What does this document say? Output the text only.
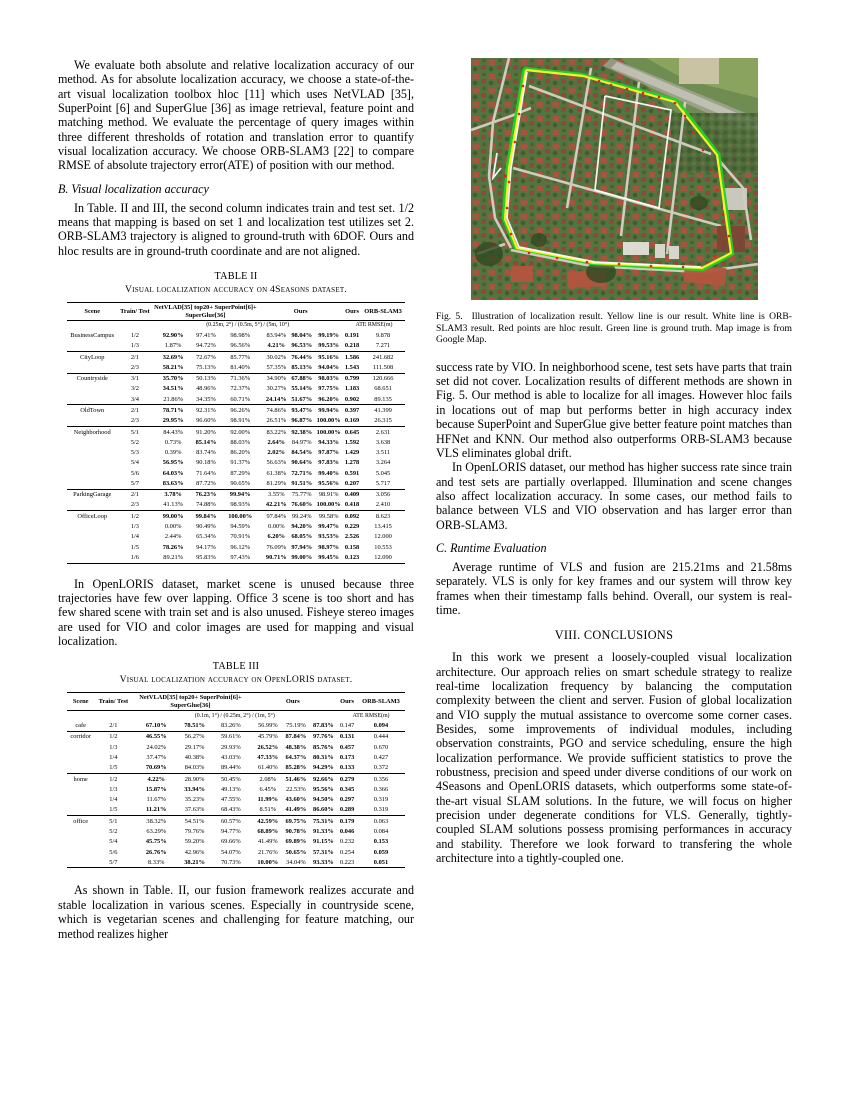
We evaluate both absolute and relative localization accuracy of our method. As for absolute localization accuracy, we choose a state-of-the-art visual localization toolbox hloc [11] which uses NetVLAD [35], SuperPoint [6] and SuperGlue [36] as image retrieval, feature point and matching method. We evaluate the percentage of query images within three different thresholds of rotation and translation error to quantify visual localization accuracy. We choose ORB-SLAM3 [22] to compare RMSE of absolute trajectory error(ATE) of position with our method.

B. Visual localization accuracy

In Table. II and III, the second column indicates train and test set. 1/2 means that mapping is based on set 1 and localization test utilizes set 2. ORB-SLAM3 trajectory is aligned to ground-truth with 6DOF. Ours and hloc results are in ground-truth coordinate and are not aligned.

TABLE II
Visual localization accuracy on 4Seasons dataset.
Scene	Train/ Test	NetVLAD[35] top20+ SuperPoint[6]+ SuperGlue[36]			Ours			Ours	ORB-SLAM3

		(0.25m, 2°) / (0.5m, 5°) / (5m, 10°)						ATE RMSE(m)	
BusinessCampus	1/2	92.90%	97.41%	98.98%	83.94%	98.04%	99.19%	0.191	9.878
	1/3	1.87%	94.72%	96.56%	4.21%	96.53%	99.53%	0.218	7.271
CityLoop	2/1	32.69%	72.67%	85.77%	30.02%	76.44%	95.16%	1.586	241.682
	2/3	58.21%	75.13%	81.40%	57.35%	85.13%	94.04%	1.543	111.508
Countryside	3/1	35.70%	50.13%	71.36%	34.90%	67.88%	98.03%	0.799	120.666
	3/2	34.51%	48.96%	72.37%	30.27%	55.14%	97.75%	1.183	68.651
	3/4	21.86%	34.35%	60.71%	24.14%	51.67%	96.20%	0.902	89.135
OldTown	2/1	78.71%	92.31%	96.26%	74.86%	93.47%	99.94%	0.397	41.399
	2/3	29.95%	96.60%	98.91%	26.51%	96.87%	100.00%	0.169	26.315
Neighborhood	5/1	84.43%	91.20%	92.00%	83.22%	92.38%	100.00%	0.645	2.631
	5/2	0.73%	85.14%	88.03%	2.64%	84.97%	94.33%	1.592	3.638
	5/3	0.39%	83.74%	86.20%	2.02%	84.54%	97.87%	1.429	3.511
	5/4	56.95%	90.18%	91.37%	56.63%	90.64%	97.83%	1.278	3.264
	5/6	64.03%	71.64%	87.29%	61.38%	72.71%	99.40%	0.591	5.045
	5/7	83.63%	87.72%	90.65%	81.29%	91.51%	95.56%	0.207	5.717
ParkingGarage	2/1	3.78%	76.23%	99.94%	3.55%	75.77%	98.91%	0.409	3.056
	2/3	41.13%	74.88%	98.93%	42.21%	76.60%	100.00%	0.418	2.410
OfficeLoop	1/2	99.00%	99.84%	100.00%	97.84%	99.24%	99.58%	0.092	8.623
	1/3	0.00%	90.49%	94.59%	0.00%	94.20%	99.47%	0.229	13.415
	1/4	2.44%	65.34%	70.91%	6.20%	68.05%	93.53%	2.526	12.000
	1/5	78.26%	94.17%	96.12%	76.09%	97.94%	98.97%	0.158	10.553
	1/6	89.21%	95.83%	97.43%	90.71%	99.00%	99.45%	0.123	12.090

In OpenLORIS dataset, market scene is unused because three trajectories have few over lapping. Office 3 scene is too short and has few shared scene with train set and is also unused. Fisheye stereo images are used for VIO and color images are used for mapping and visual localization.

TABLE III
Visual localization accuracy on OpenLORIS dataset.
Scene	Train/ Test	NetVLAD[35] top20+ SuperPoint[6]+ SuperGlue[36]			Ours			Ours	ORB-SLAM3

		(0.1m, 1°) / (0.25m, 2°) / (1m, 5°)						ATE RMSE(m)	
cafe	2/1	67.10%	78.51%	83.26%	56.99%	75.19%	87.83%	0.147	0.094
corridor	1/2	46.55%	56.27%	59.61%	45.79%	87.84%	97.76%	0.131	0.444
	1/3	24.02%	29.17%	29.93%	26.52%	48.38%	85.76%	0.457	0.670
	1/4	37.47%	40.38%	43.03%	47.33%	64.37%	80.31%	0.173	0.427
	1/5	70.69%	84.03%	89.44%	61.40%	85.28%	94.29%	0.133	0.372
home	1/2	4.22%	28.90%	50.45%	2.08%	51.46%	92.66%	0.279	0.356
	1/3	15.87%	33.94%	49.13%	6.45%	22.53%	95.56%	0.345	0.366
	1/4	11.67%	35.23%	47.55%	11.99%	43.60%	94.50%	0.297	0.319
	1/5	11.21%	37.63%	68.43%	8.51%	41.49%	86.60%	0.289	0.319
office	5/1	38.32%	54.51%	60.57%	42.59%	69.75%	75.31%	0.179	0.063
	5/2	63.29%	79.76%	94.77%	68.89%	90.78%	91.33%	0.046	0.084
	5/4	45.75%	59.20%	69.66%	41.49%	69.89%	91.15%	0.232	0.153
	5/6	26.76%	42.96%	54.07%	21.76%	50.65%	57.31%	0.254	0.059
	5/7	8.33%	38.21%	70.73%	10.00%	34.04%	93.33%	0.223	0.051

As shown in Table. II, our fusion framework realizes accurate and stable localization in various scenes. Especially in countryside scene, which is vegetarian scenes and challenging for feature matching, our method realizes higher

Fig. 5. Illustration of localization result. Yellow line is our result. White line is ORB-SLAM3 result. Red points are hloc result. Green line is ground truth. Map image is from Google Map.

success rate by VIO. In neighborhood scene, test sets have parts that train set did not cover. Localization results of different methods are shown in Fig. 5. Our method is able to localize for all images. However hloc fails in locations out of map but performs better in high accuracy index because SuperPoint and SuperGlue give better feature point matches than HFNet and KNN. Our method also outperforms ORB-SLAM3 because VLS eliminates global drift.

In OpenLORIS dataset, our method has higher success rate since train and test sets are partially overlapped. Illumination and scene changes also affect localization accuracy. In some cases, our method fails to balance between VLS and VIO observation and has larger error than ORB-SLAM3.

C. Runtime Evaluation

Average runtime of VLS and fusion are 215.21ms and 21.58ms separately. VLS is only for key frames and our system will throw key frames when their timestamp falls behind. Overall, our system is real-time.

VIII. CONCLUSIONS

In this work we present a loosely-coupled visual localization architecture. Our approach relies on smart schedule strategy to realize real-time localization frequency by balancing the computation complexity between the client and server. Fusion of global localization and VIO supply the mutual assistance to overcome some corner cases. Besides, some improvements of individual modules, including observation constraints, PGO and service scheduling, ensure the high localization performance. We provide sufficient statistics to prove the robustness, precision and speed under diverse conditions of our work on 4Seasons and OpenLORIS datasets, which outperforms some state-of-the-art visual SLAM solutions. In the future, we will focus on higher precision under degenerate conditions for VLS. Generally, tightly-coupled SLAM solutions possess promising performances in accuracy and stability. Therefore we look forward to transfering the whole architecture into a tightly-coupled one.
